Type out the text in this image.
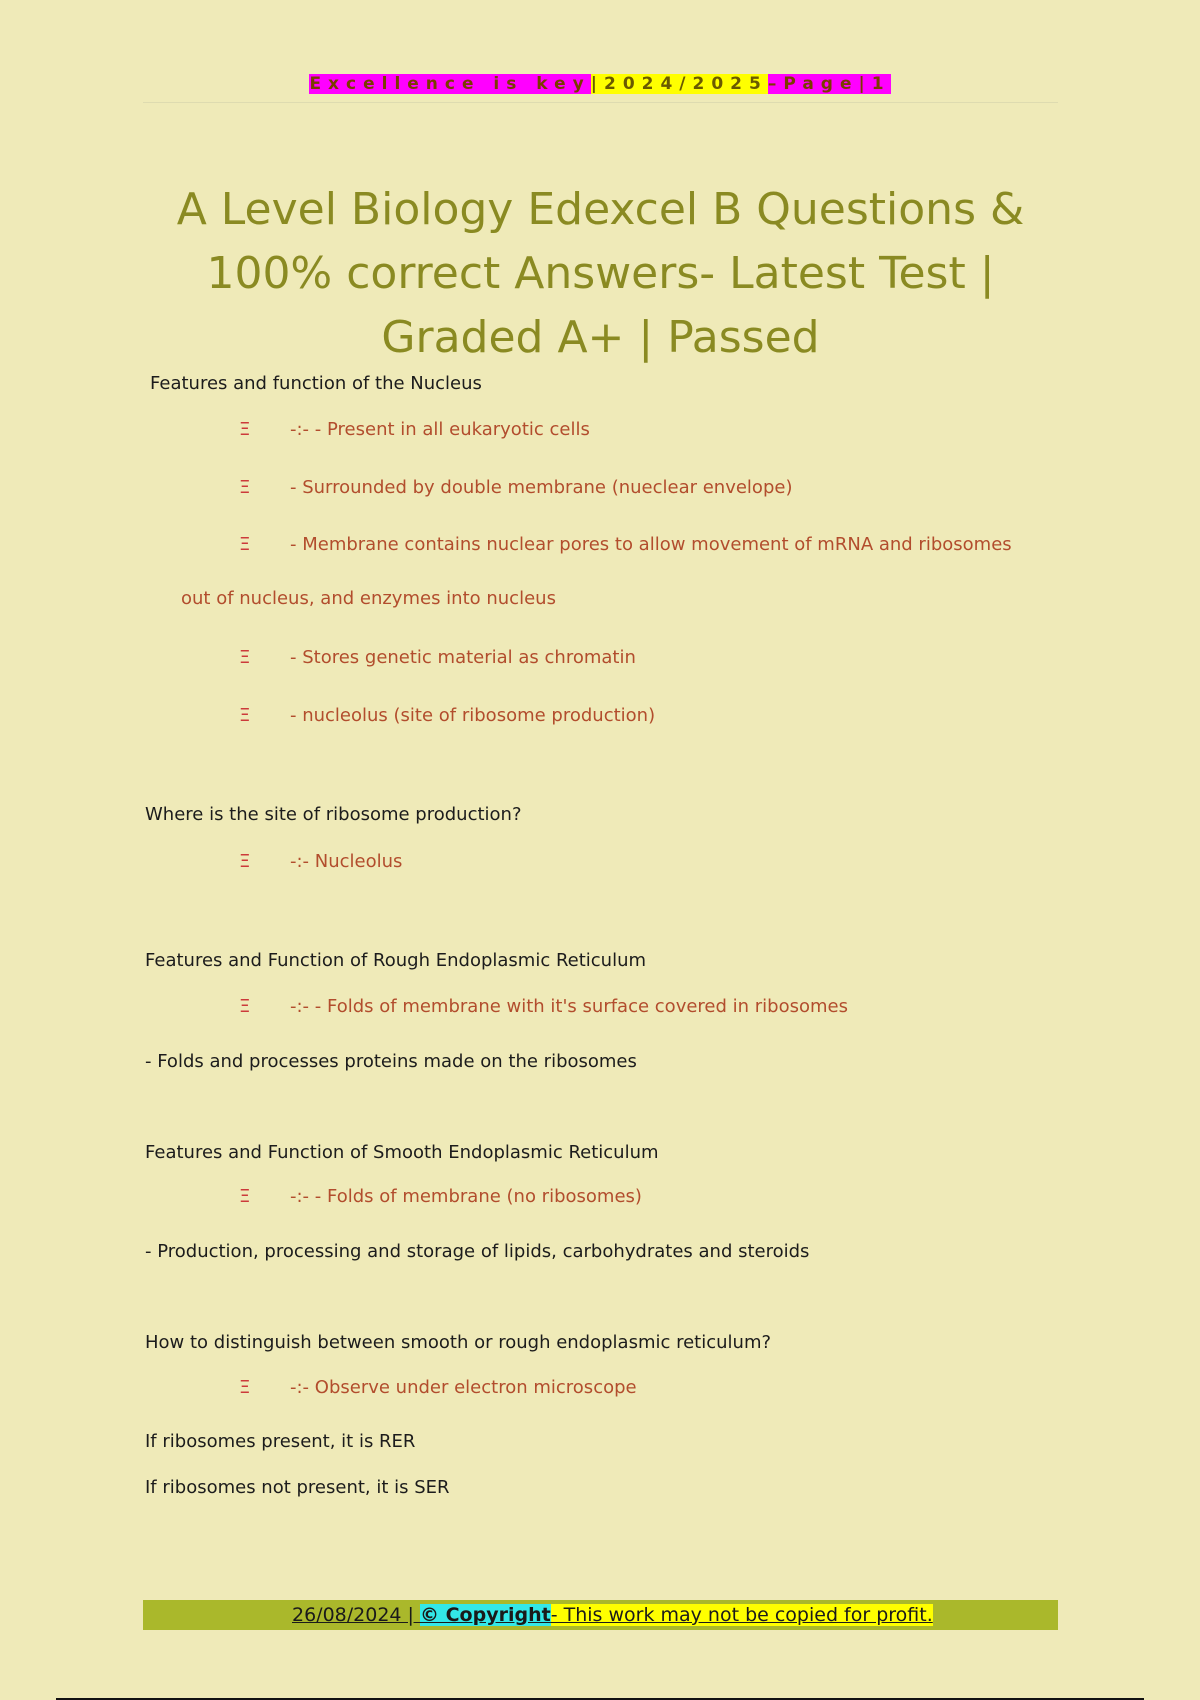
Excellence is key|2024/2025–Page|1
A Level Biology Edexcel B Questions & 100% correct Answers- Latest Test | Graded A+ | Passed
Features and function of the Nucleus
Ξ -:- - Present in all eukaryotic cells
Ξ - Surrounded by double membrane (nueclear envelope)
Ξ - Membrane contains nuclear pores to allow movement of mRNA and ribosomes
out of nucleus, and enzymes into nucleus
Ξ - Stores genetic material as chromatin
Ξ - nucleolus (site of ribosome production)
Where is the site of ribosome production?
Ξ -:- Nucleolus
Features and Function of Rough Endoplasmic Reticulum
Ξ -:- - Folds of membrane with it's surface covered in ribosomes
- Folds and processes proteins made on the ribosomes
Features and Function of Smooth Endoplasmic Reticulum
Ξ -:- - Folds of membrane (no ribosomes)
- Production, processing and storage of lipids, carbohydrates and steroids
How to distinguish between smooth or rough endoplasmic reticulum?
Ξ -:- Observe under electron microscope
If ribosomes present, it is RER
If ribosomes not present, it is SER
26/08/2024 | © Copyright- This work may not be copied for profit.
